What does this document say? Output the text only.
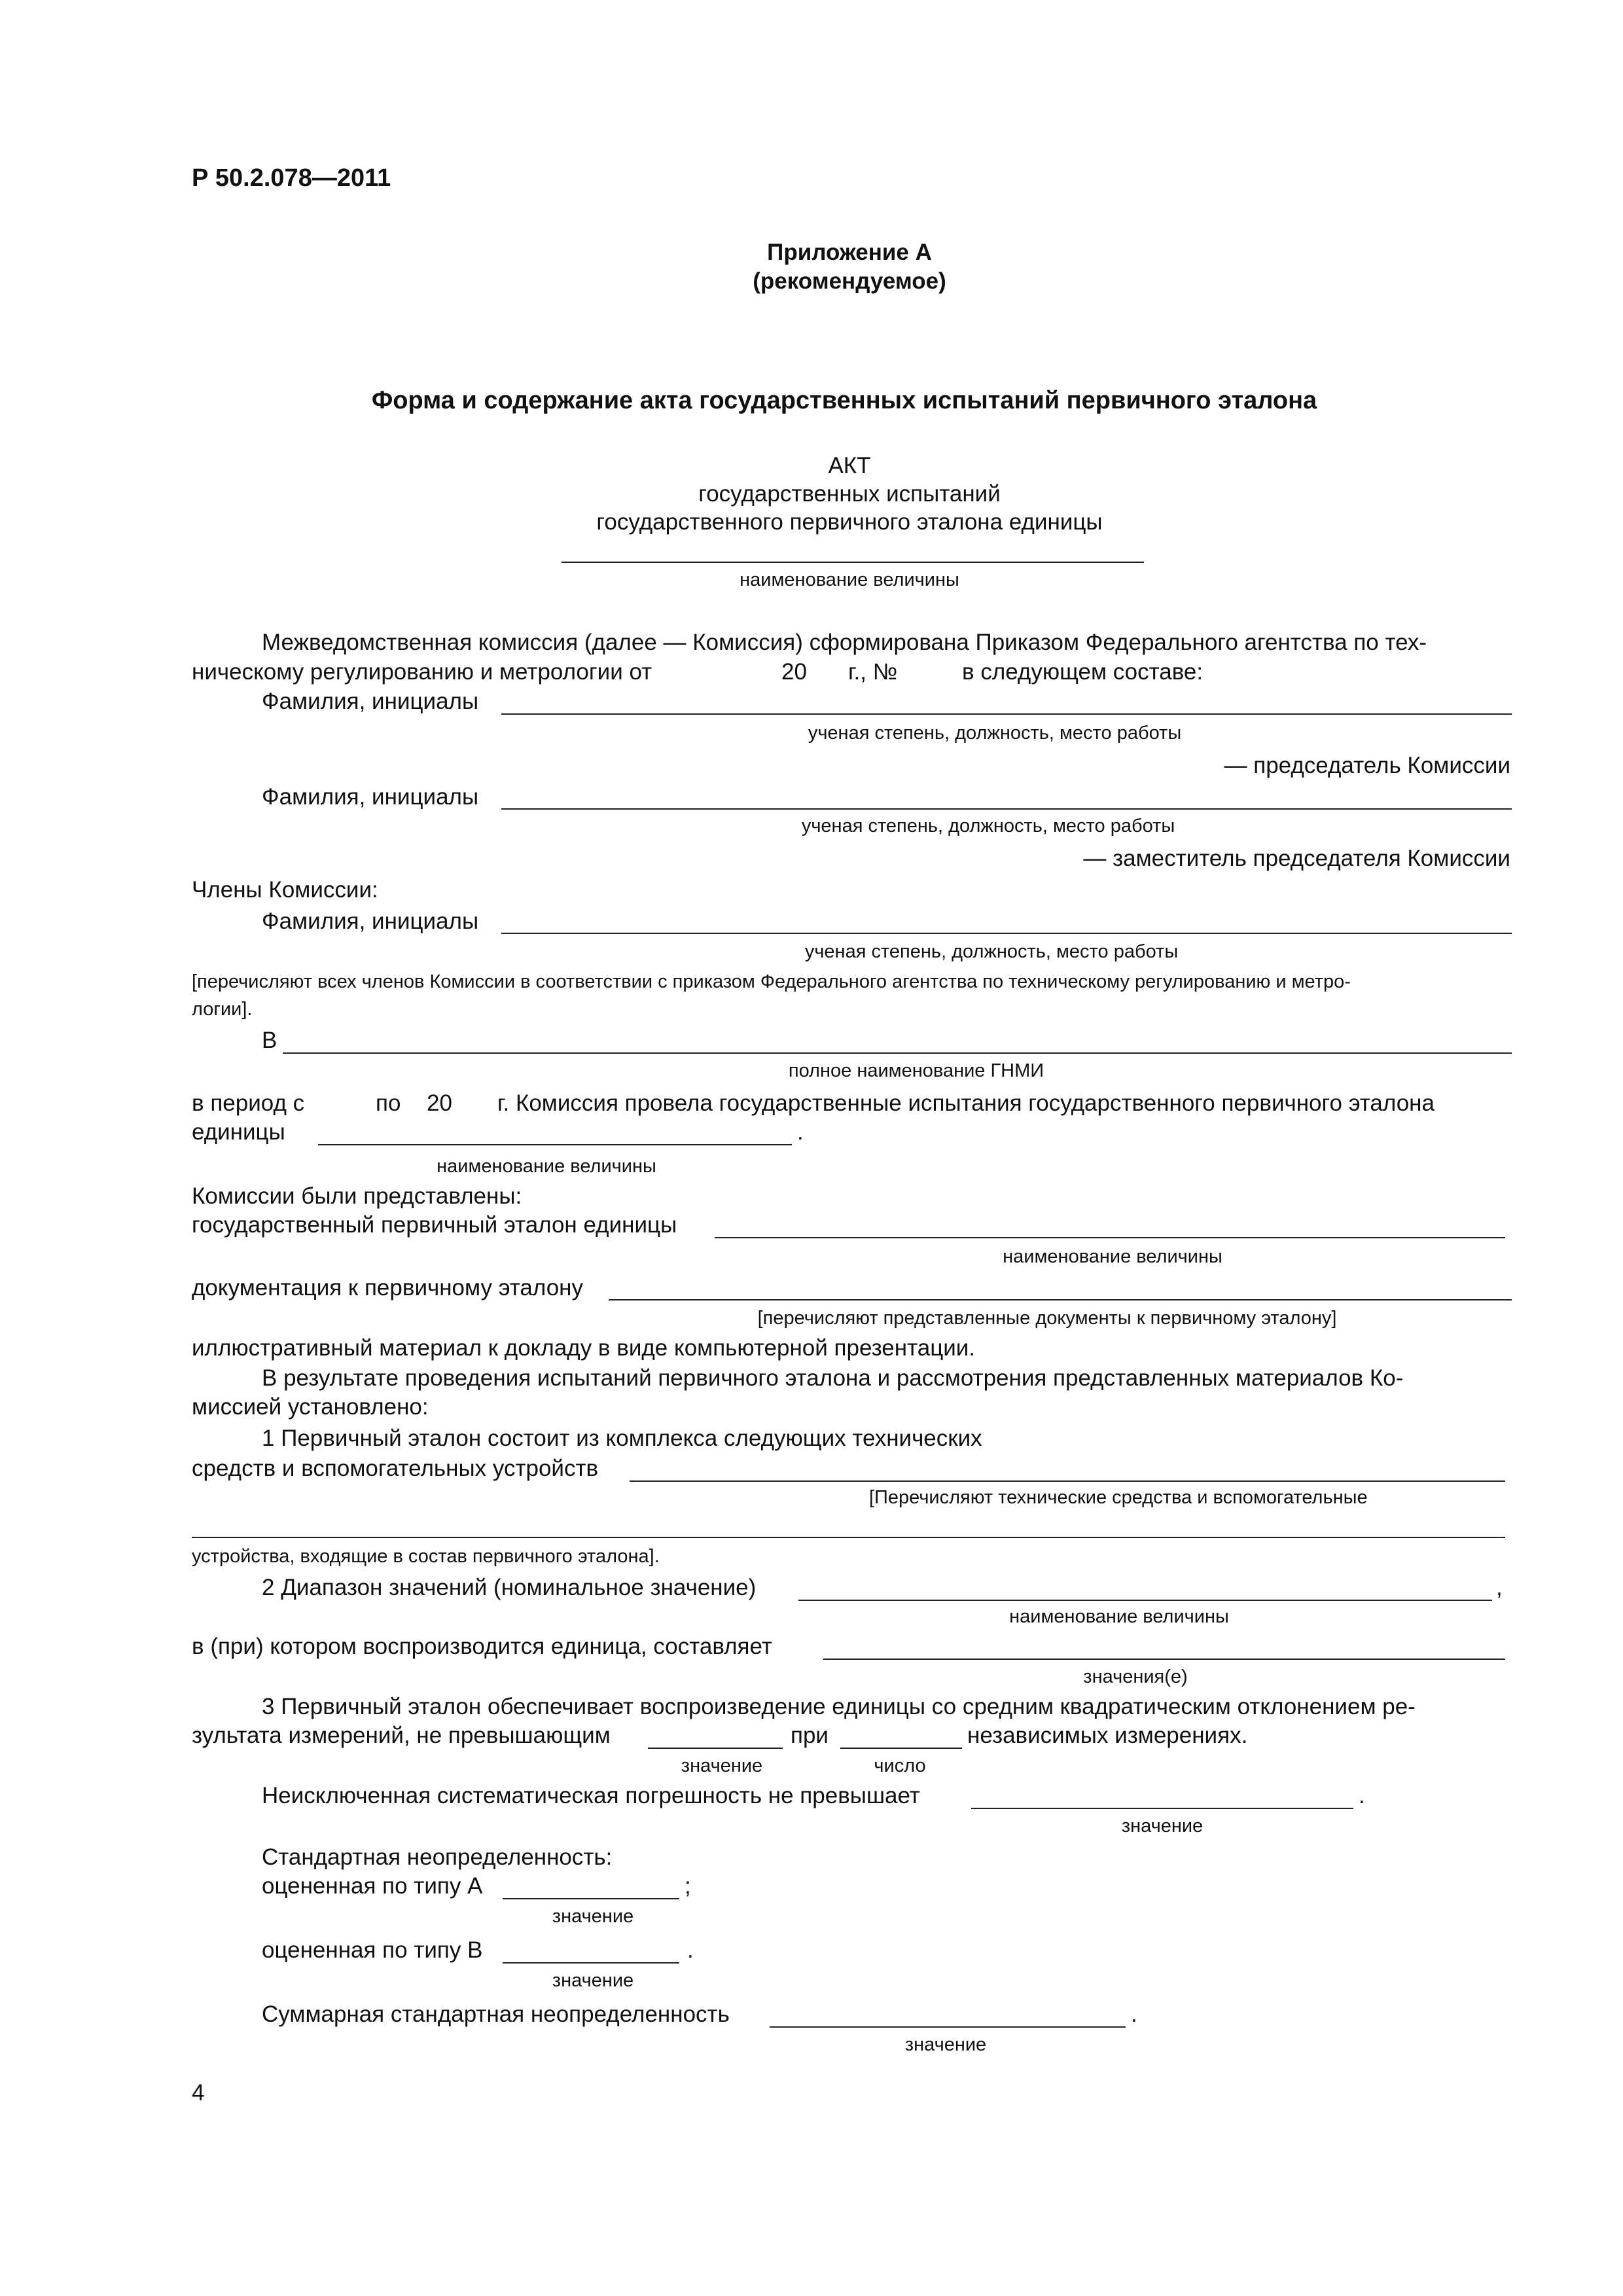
Р 50.2.078—2011
Приложение А
(рекомендуемое)
Форма и содержание акта государственных испытаний первичного эталона
АКТ
государственных испытаний
государственного первичного эталона единицы
наименование величины
Межведомственная комиссия (далее — Комиссия) сформирована Приказом Федерального агентства по тех-
ническому регулированию и метрологии от	20 г., №	в следующем составе:
Фамилия, инициалы
ученая степень, должность, место работы
— председатель Комиссии
Фамилия, инициалы
ученая степень, должность, место работы
— заместитель председателя Комиссии
Члены Комиссии:
Фамилия, инициалы
ученая степень, должность, место работы
[перечисляют всех членов Комиссии в соответствии с приказом Федерального агентства по техническому регулированию и метро-
логии].
В
полное наименование ГНМИ
в период с	по 20 г. Комиссия провела государственные испытания государственного первичного эталона
единицы	.
наименование величины
Комиссии были представлены:
государственный первичный эталон единицы
наименование величины
документация к первичному эталону
[перечисляют представленные документы к первичному эталону]
иллюстративный материал к докладу в виде компьютерной презентации.
В результате проведения испытаний первичного эталона и рассмотрения представленных материалов Ко-
миссией установлено:
1 Первичный эталон состоит из комплекса следующих технических
средств и вспомогательных устройств
[Перечисляют технические средства и вспомогательные
устройства, входящие в состав первичного эталона].
2 Диапазон значений (номинальное значение)	,
наименование величины
в (при) котором воспроизводится единица, составляет
значения(е)
3 Первичный эталон обеспечивает воспроизведение единицы со средним квадратическим отклонением ре-
зультата измерений, не превышающим	при	независимых измерениях.
значение	число
Неисключенная систематическая погрешность не превышает	.
значение
Стандартная неопределенность:
оцененная по типу А	;
значение
оцененная по типу В	.
значение
Суммарная стандартная неопределенность	.
значение
4
